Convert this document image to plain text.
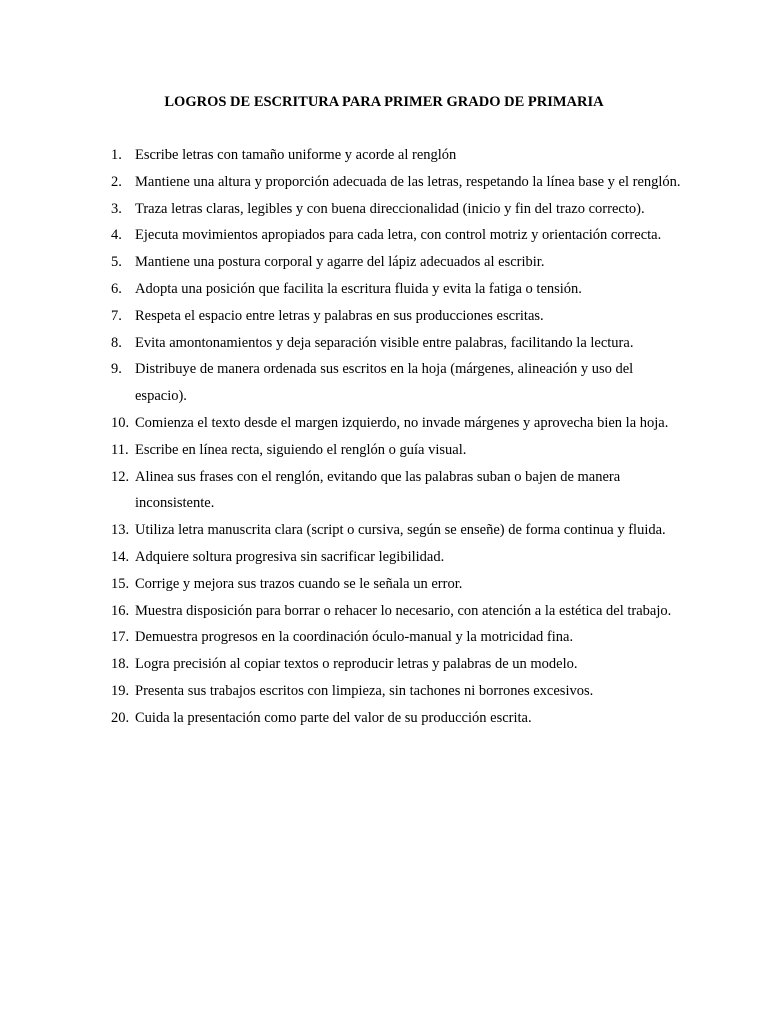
LOGROS DE ESCRITURA PARA PRIMER GRADO DE PRIMARIA
1. Escribe letras con tamaño uniforme y acorde al renglón
2. Mantiene una altura y proporción adecuada de las letras, respetando la línea base y el renglón.
3. Traza letras claras, legibles y con buena direccionalidad (inicio y fin del trazo correcto).
4. Ejecuta movimientos apropiados para cada letra, con control motriz y orientación correcta.
5. Mantiene una postura corporal y agarre del lápiz adecuados al escribir.
6. Adopta una posición que facilita la escritura fluida y evita la fatiga o tensión.
7. Respeta el espacio entre letras y palabras en sus producciones escritas.
8. Evita amontonamientos y deja separación visible entre palabras, facilitando la lectura.
9. Distribuye de manera ordenada sus escritos en la hoja (márgenes, alineación y uso del espacio).
10. Comienza el texto desde el margen izquierdo, no invade márgenes y aprovecha bien la hoja.
11. Escribe en línea recta, siguiendo el renglón o guía visual.
12. Alinea sus frases con el renglón, evitando que las palabras suban o bajen de manera inconsistente.
13. Utiliza letra manuscrita clara (script o cursiva, según se enseñe) de forma continua y fluida.
14. Adquiere soltura progresiva sin sacrificar legibilidad.
15. Corrige y mejora sus trazos cuando se le señala un error.
16. Muestra disposición para borrar o rehacer lo necesario, con atención a la estética del trabajo.
17. Demuestra progresos en la coordinación óculo-manual y la motricidad fina.
18. Logra precisión al copiar textos o reproducir letras y palabras de un modelo.
19. Presenta sus trabajos escritos con limpieza, sin tachones ni borrones excesivos.
20. Cuida la presentación como parte del valor de su producción escrita.
